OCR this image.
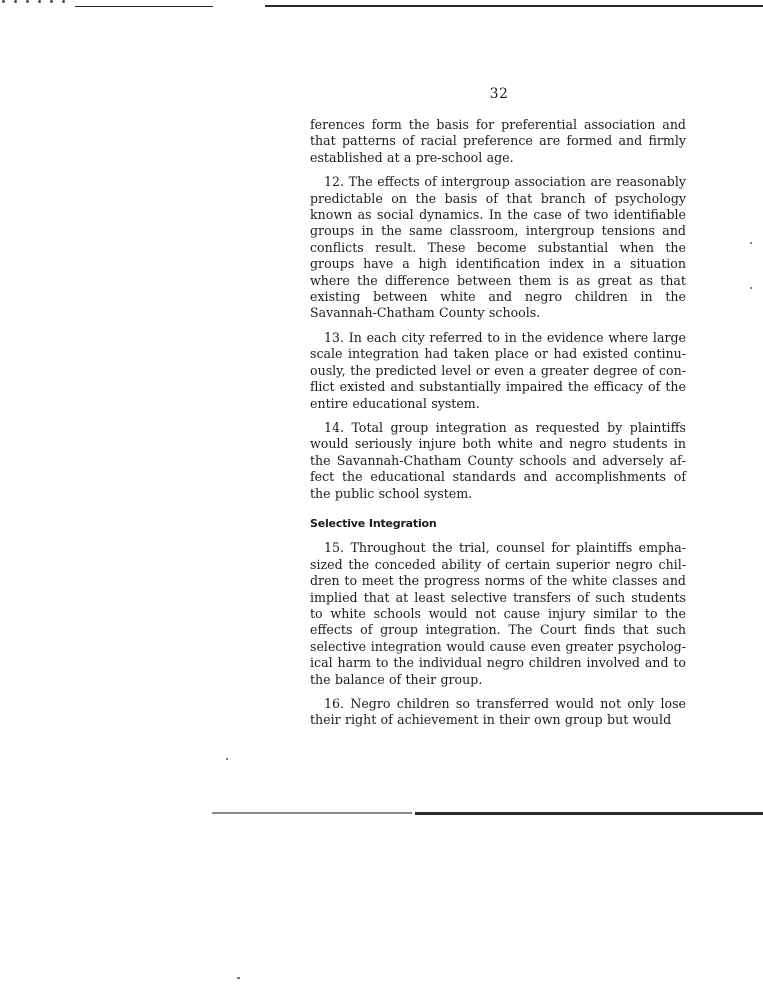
32

ferences form the basis for preferential association and that patterns of racial preference are formed and firmly established at a pre-school age.

12. The effects of intergroup association are reasonably predictable on the basis of that branch of psychology known as social dynamics. In the case of two identifiable groups in the same classroom, intergroup tensions and conflicts result. These become substantial when the groups have a high identification index in a situation where the difference between them is as great as that existing between white and negro children in the Savannah-Chatham County schools.

13. In each city referred to in the evidence where large scale integration had taken place or had existed continuously, the predicted level or even a greater degree of conflict existed and substantially impaired the efficacy of the entire educational system.

14. Total group integration as requested by plaintiffs would seriously injure both white and negro students in the Savannah-Chatham County schools and adversely affect the educational standards and accomplishments of the public school system.

Selective Integration

15. Throughout the trial, counsel for plaintiffs emphasized the conceded ability of certain superior negro children to meet the progress norms of the white classes and implied that at least selective transfers of such students to white schools would not cause injury similar to the effects of group integration. The Court finds that such selective integration would cause even greater psychological harm to the individual negro children involved and to the balance of their group.

16. Negro children so transferred would not only lose their right of achievement in their own group but would
